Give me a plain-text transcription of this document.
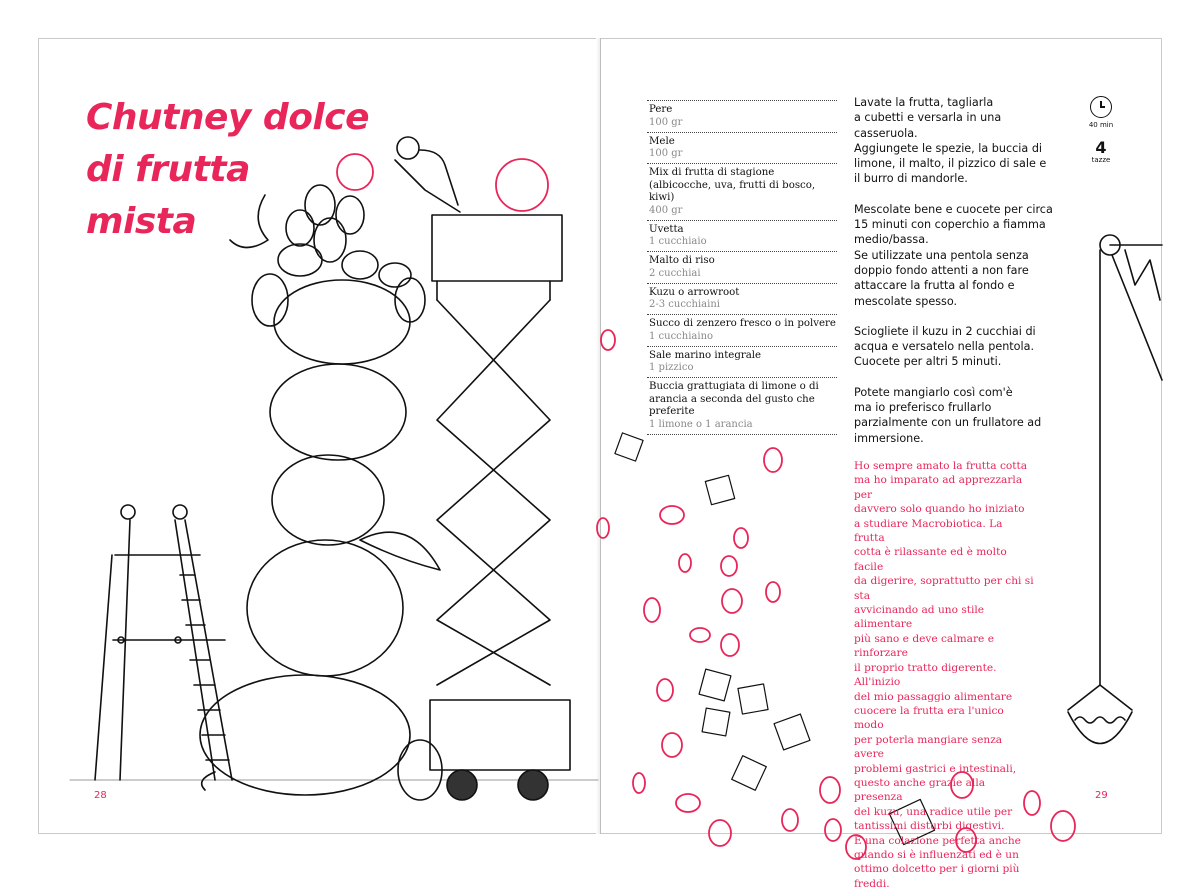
Chutney dolce
di frutta
mista
Pere
100 gr
Mele
100 gr
Mix di frutta di stagione (albicocche, uva, frutti di bosco, kiwi)
400 gr
Uvetta
1 cucchiaio
Malto di riso
2 cucchiai
Kuzu o arrowroot
2-3 cucchiaini
Succo di zenzero fresco o in polvere
1 cucchiaino
Sale marino integrale
1 pizzico
Buccia grattugiata di limone o di arancia a seconda del gusto che preferite
1 limone o 1 arancia

Lavate la frutta, tagliarla
a cubetti e versarla in una casseruola.
Aggiungete le spezie, la buccia di limone, il malto, il pizzico di sale e il burro di mandorle.

Mescolate bene e cuocete per circa 15 minuti con coperchio a fiamma medio/bassa.
Se utilizzate una pentola senza doppio fondo attenti a non fare attaccare la frutta al fondo e mescolate spesso.

Sciogliete il kuzu in 2 cucchiai di acqua e versatelo nella pentola.
Cuocete per altri 5 minuti.

Potete mangiarlo così com'è
ma io preferisco frullarlo parzialmente con un frullatore ad immersione.

Ho sempre amato la frutta cotta
ma ho imparato ad apprezzarla per
davvero solo quando ho iniziato
a studiare Macrobiotica. La frutta
cotta è rilassante ed è molto facile
da digerire, soprattutto per chi si sta
avvicinando ad uno stile alimentare
più sano e deve calmare e rinforzare
il proprio tratto digerente. All'inizio
del mio passaggio alimentare
cuocere la frutta era l'unico modo
per poterla mangiare senza avere
problemi gastrici e intestinali,
questo anche grazie alla presenza
del kuzu, una radice utile per
tantissimi disturbi digestivi.
È una colazione perfetta anche
quando si è influenzati ed è un
ottimo dolcetto per i giorni più
freddi.
40 min
4
tazze
28	29
